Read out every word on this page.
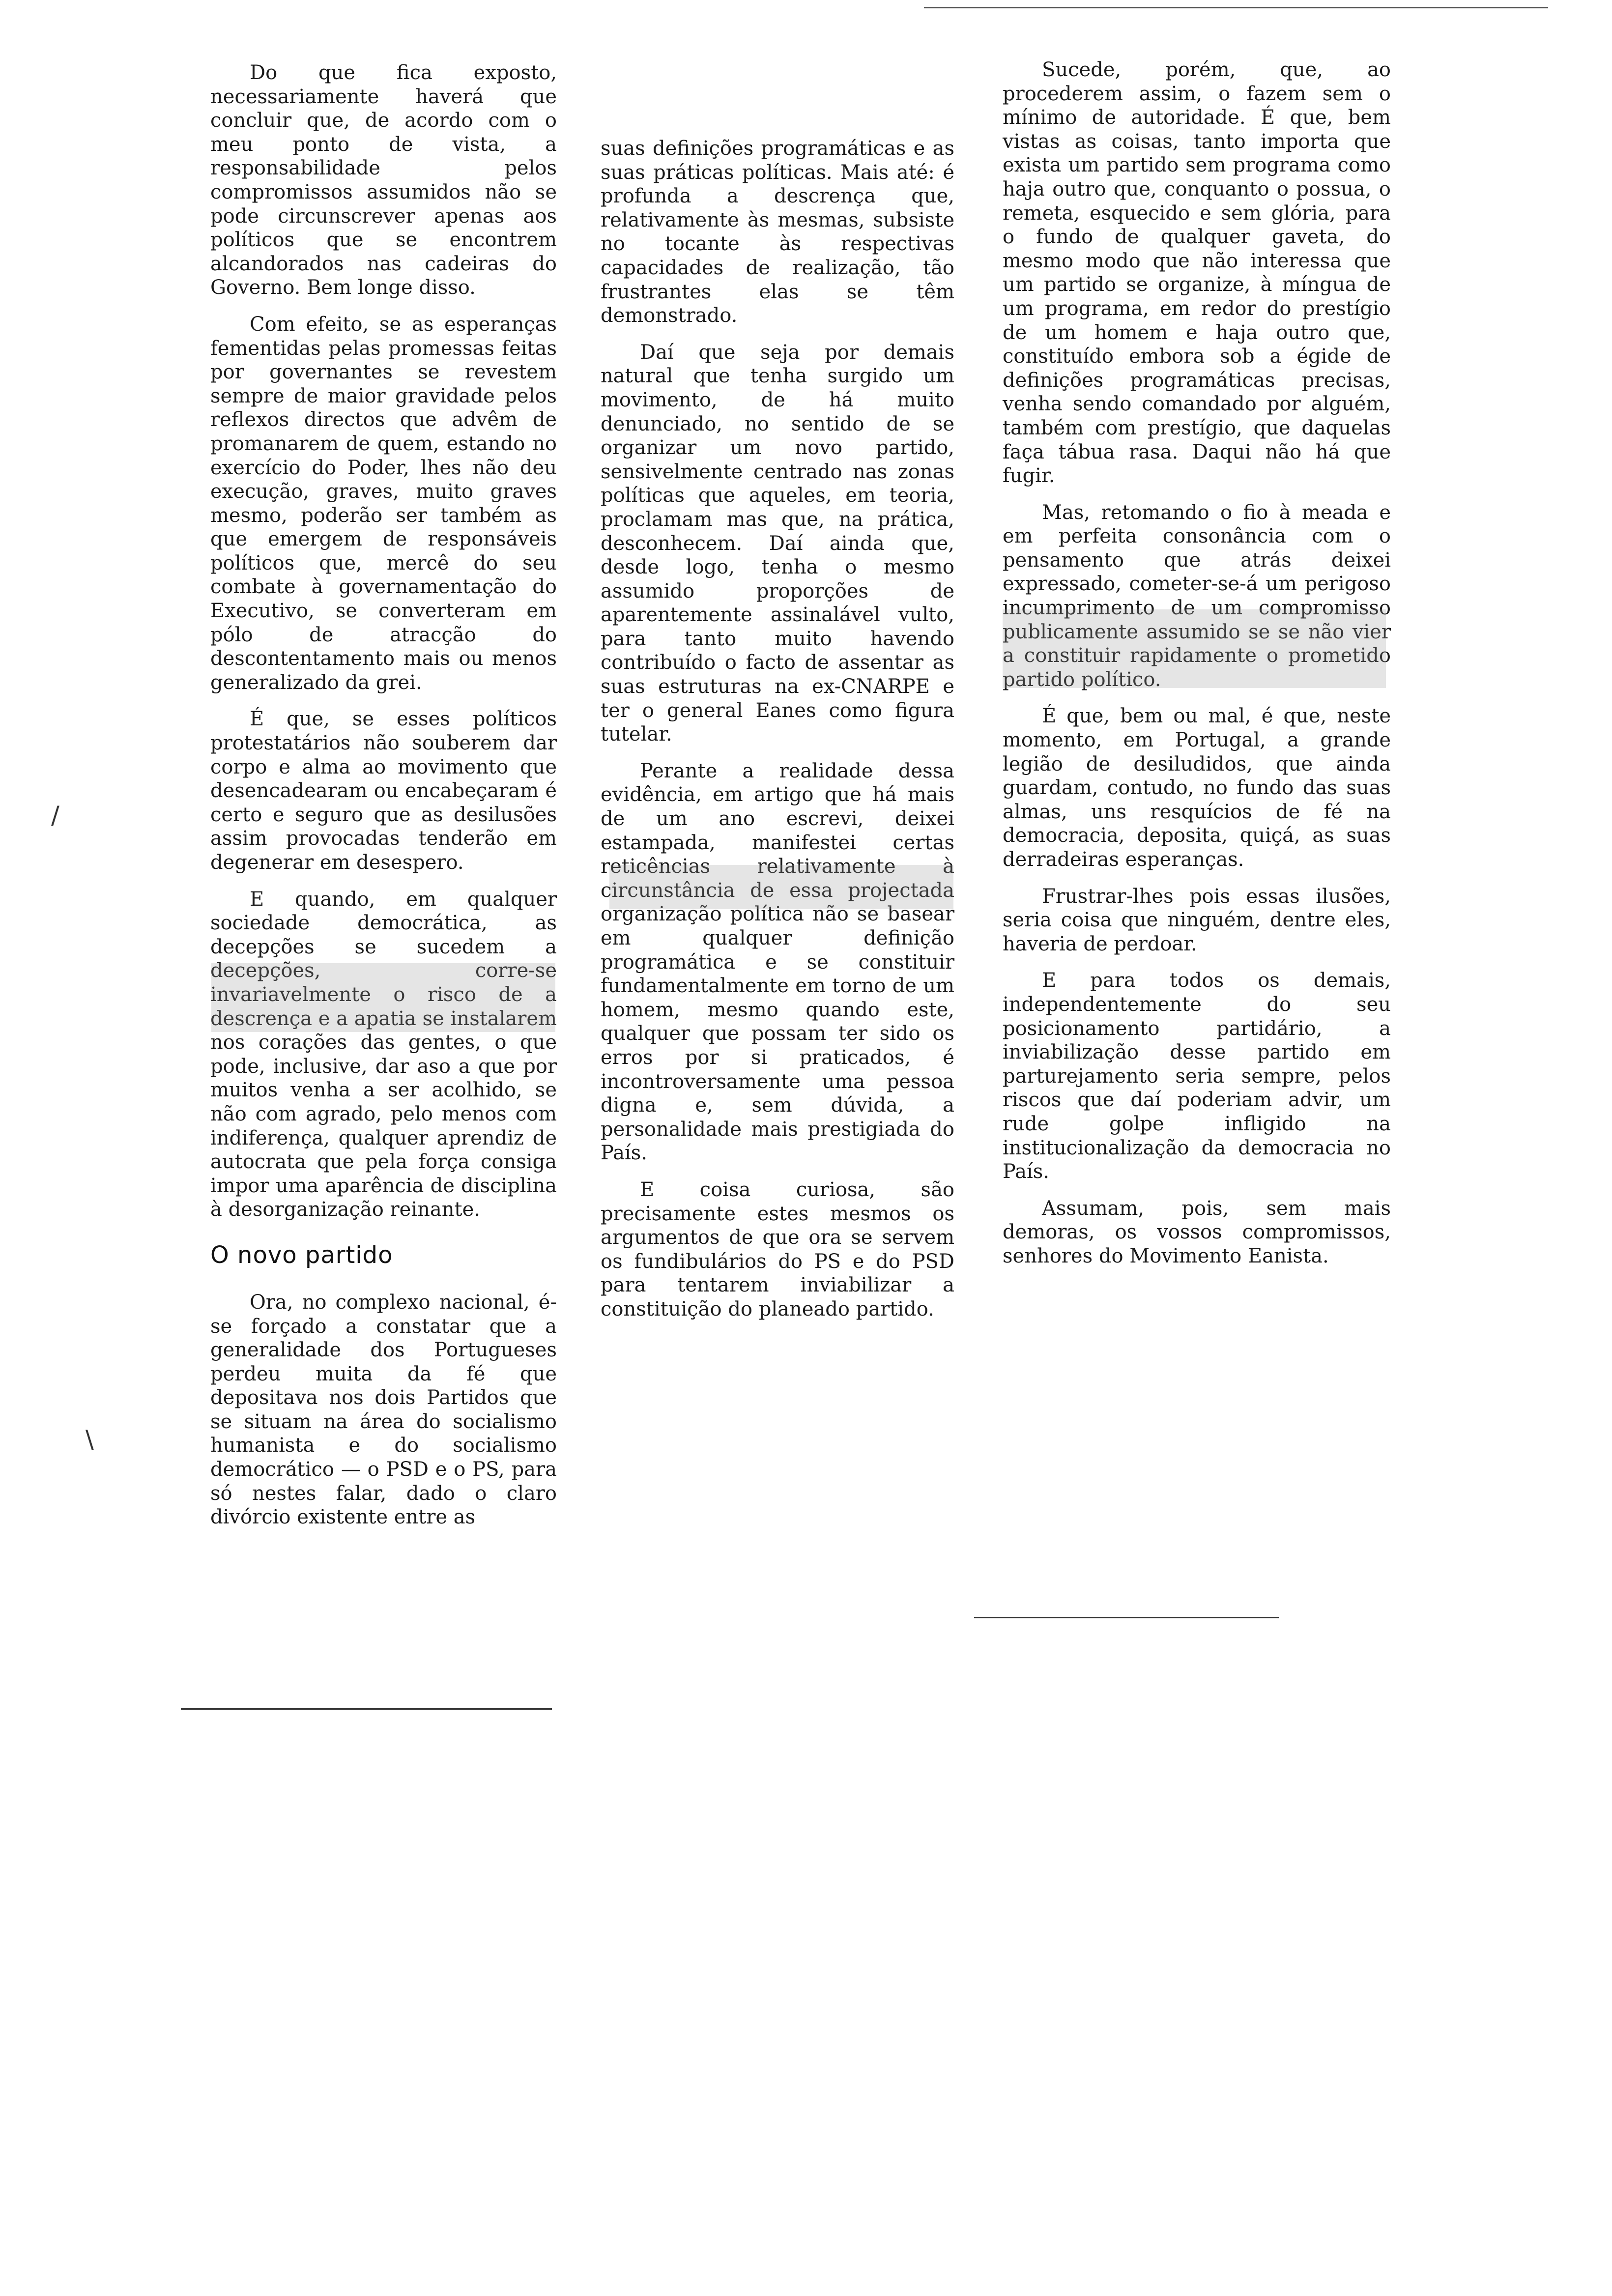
Do que fica exposto, necessariamente haverá que concluir que, de acordo com o meu ponto de vista, a responsabilidade pelos compromissos assumidos não se pode circunscrever apenas aos políticos que se encontrem alcandorados nas cadeiras do Governo. Bem longe disso.

Com efeito, se as esperanças fementidas pelas promessas feitas por governantes se revestem sempre de maior gravidade pelos reflexos directos que advêm de promanarem de quem, estando no exercício do Poder, lhes não deu execução, graves, muito graves mesmo, poderão ser também as que emergem de responsáveis políticos que, mercê do seu combate à governamentação do Executivo, se converteram em pólo de atracção do descontentamento mais ou menos generalizado da grei.

É que, se esses políticos protestatários não souberem dar corpo e alma ao movimento que desencadearam ou encabeçaram é certo e seguro que as desilusões assim provocadas tenderão em degenerar em desespero.

E quando, em qualquer sociedade democrática, as decepções se sucedem a decepções, corre-se invariavelmente o risco de a descrença e a apatia se instalarem nos corações das gentes, o que pode, inclusive, dar aso a que por muitos venha a ser acolhido, se não com agrado, pelo menos com indiferença, qualquer aprendiz de autocrata que pela força consiga impor uma aparência de disciplina à desorganização reinante.

O novo partido

Ora, no complexo nacional, é-se forçado a constatar que a generalidade dos Portugueses perdeu muita da fé que depositava nos dois Partidos que se situam na área do socialismo humanista e do socialismo democrático — o PSD e o PS, para só nestes falar, dado o claro divórcio existente entre as

suas definições programáticas e as suas práticas políticas. Mais até: é profunda a descrença que, relativamente às mesmas, subsiste no tocante às respectivas capacidades de realização, tão frustrantes elas se têm demonstrado.

Daí que seja por demais natural que tenha surgido um movimento, de há muito denunciado, no sentido de se organizar um novo partido, sensivelmente centrado nas zonas políticas que aqueles, em teoria, proclamam mas que, na prática, desconhecem. Daí ainda que, desde logo, tenha o mesmo assumido proporções de aparentemente assinalável vulto, para tanto muito havendo contribuído o facto de assentar as suas estruturas na ex-CNARPE e ter o general Eanes como figura tutelar.

Perante a realidade dessa evidência, em artigo que há mais de um ano escrevi, deixei estampada, manifestei certas reticências relativamente à circunstância de essa projectada organização política não se basear em qualquer definição programática e se constituir fundamentalmente em torno de um homem, mesmo quando este, qualquer que possam ter sido os erros por si praticados, é incontroversamente uma pessoa digna e, sem dúvida, a personalidade mais prestigiada do País.

E coisa curiosa, são precisamente estes mesmos os argumentos de que ora se servem os fundibulários do PS e do PSD para tentarem inviabilizar a constituição do planeado partido.

Sucede, porém, que, ao procederem assim, o fazem sem o mínimo de autoridade. É que, bem vistas as coisas, tanto importa que exista um partido sem programa como haja outro que, conquanto o possua, o remeta, esquecido e sem glória, para o fundo de qualquer gaveta, do mesmo modo que não interessa que um partido se organize, à míngua de um programa, em redor do prestígio de um homem e haja outro que, constituído embora sob a égide de definições programáticas precisas, venha sendo comandado por alguém, também com prestígio, que daquelas faça tábua rasa. Daqui não há que fugir.

Mas, retomando o fio à meada e em perfeita consonância com o pensamento que atrás deixei expressado, cometer-se-á um perigoso incumprimento de um compromisso publicamente assumido se se não vier a constituir rapidamente o prometido partido político.

É que, bem ou mal, é que, neste momento, em Portugal, a grande legião de desiludidos, que ainda guardam, contudo, no fundo das suas almas, uns resquícios de fé na democracia, deposita, quiçá, as suas derradeiras esperanças.

Frustrar-lhes pois essas ilusões, seria coisa que ninguém, dentre eles, haveria de perdoar.

E para todos os demais, independentemente do seu posicionamento partidário, a inviabilização desse partido em parturejamento seria sempre, pelos riscos que daí poderiam advir, um rude golpe infligido na institucionalização da democracia no País.

Assumam, pois, sem mais demoras, os vossos compromissos, senhores do Movimento Eanista.

/
\
